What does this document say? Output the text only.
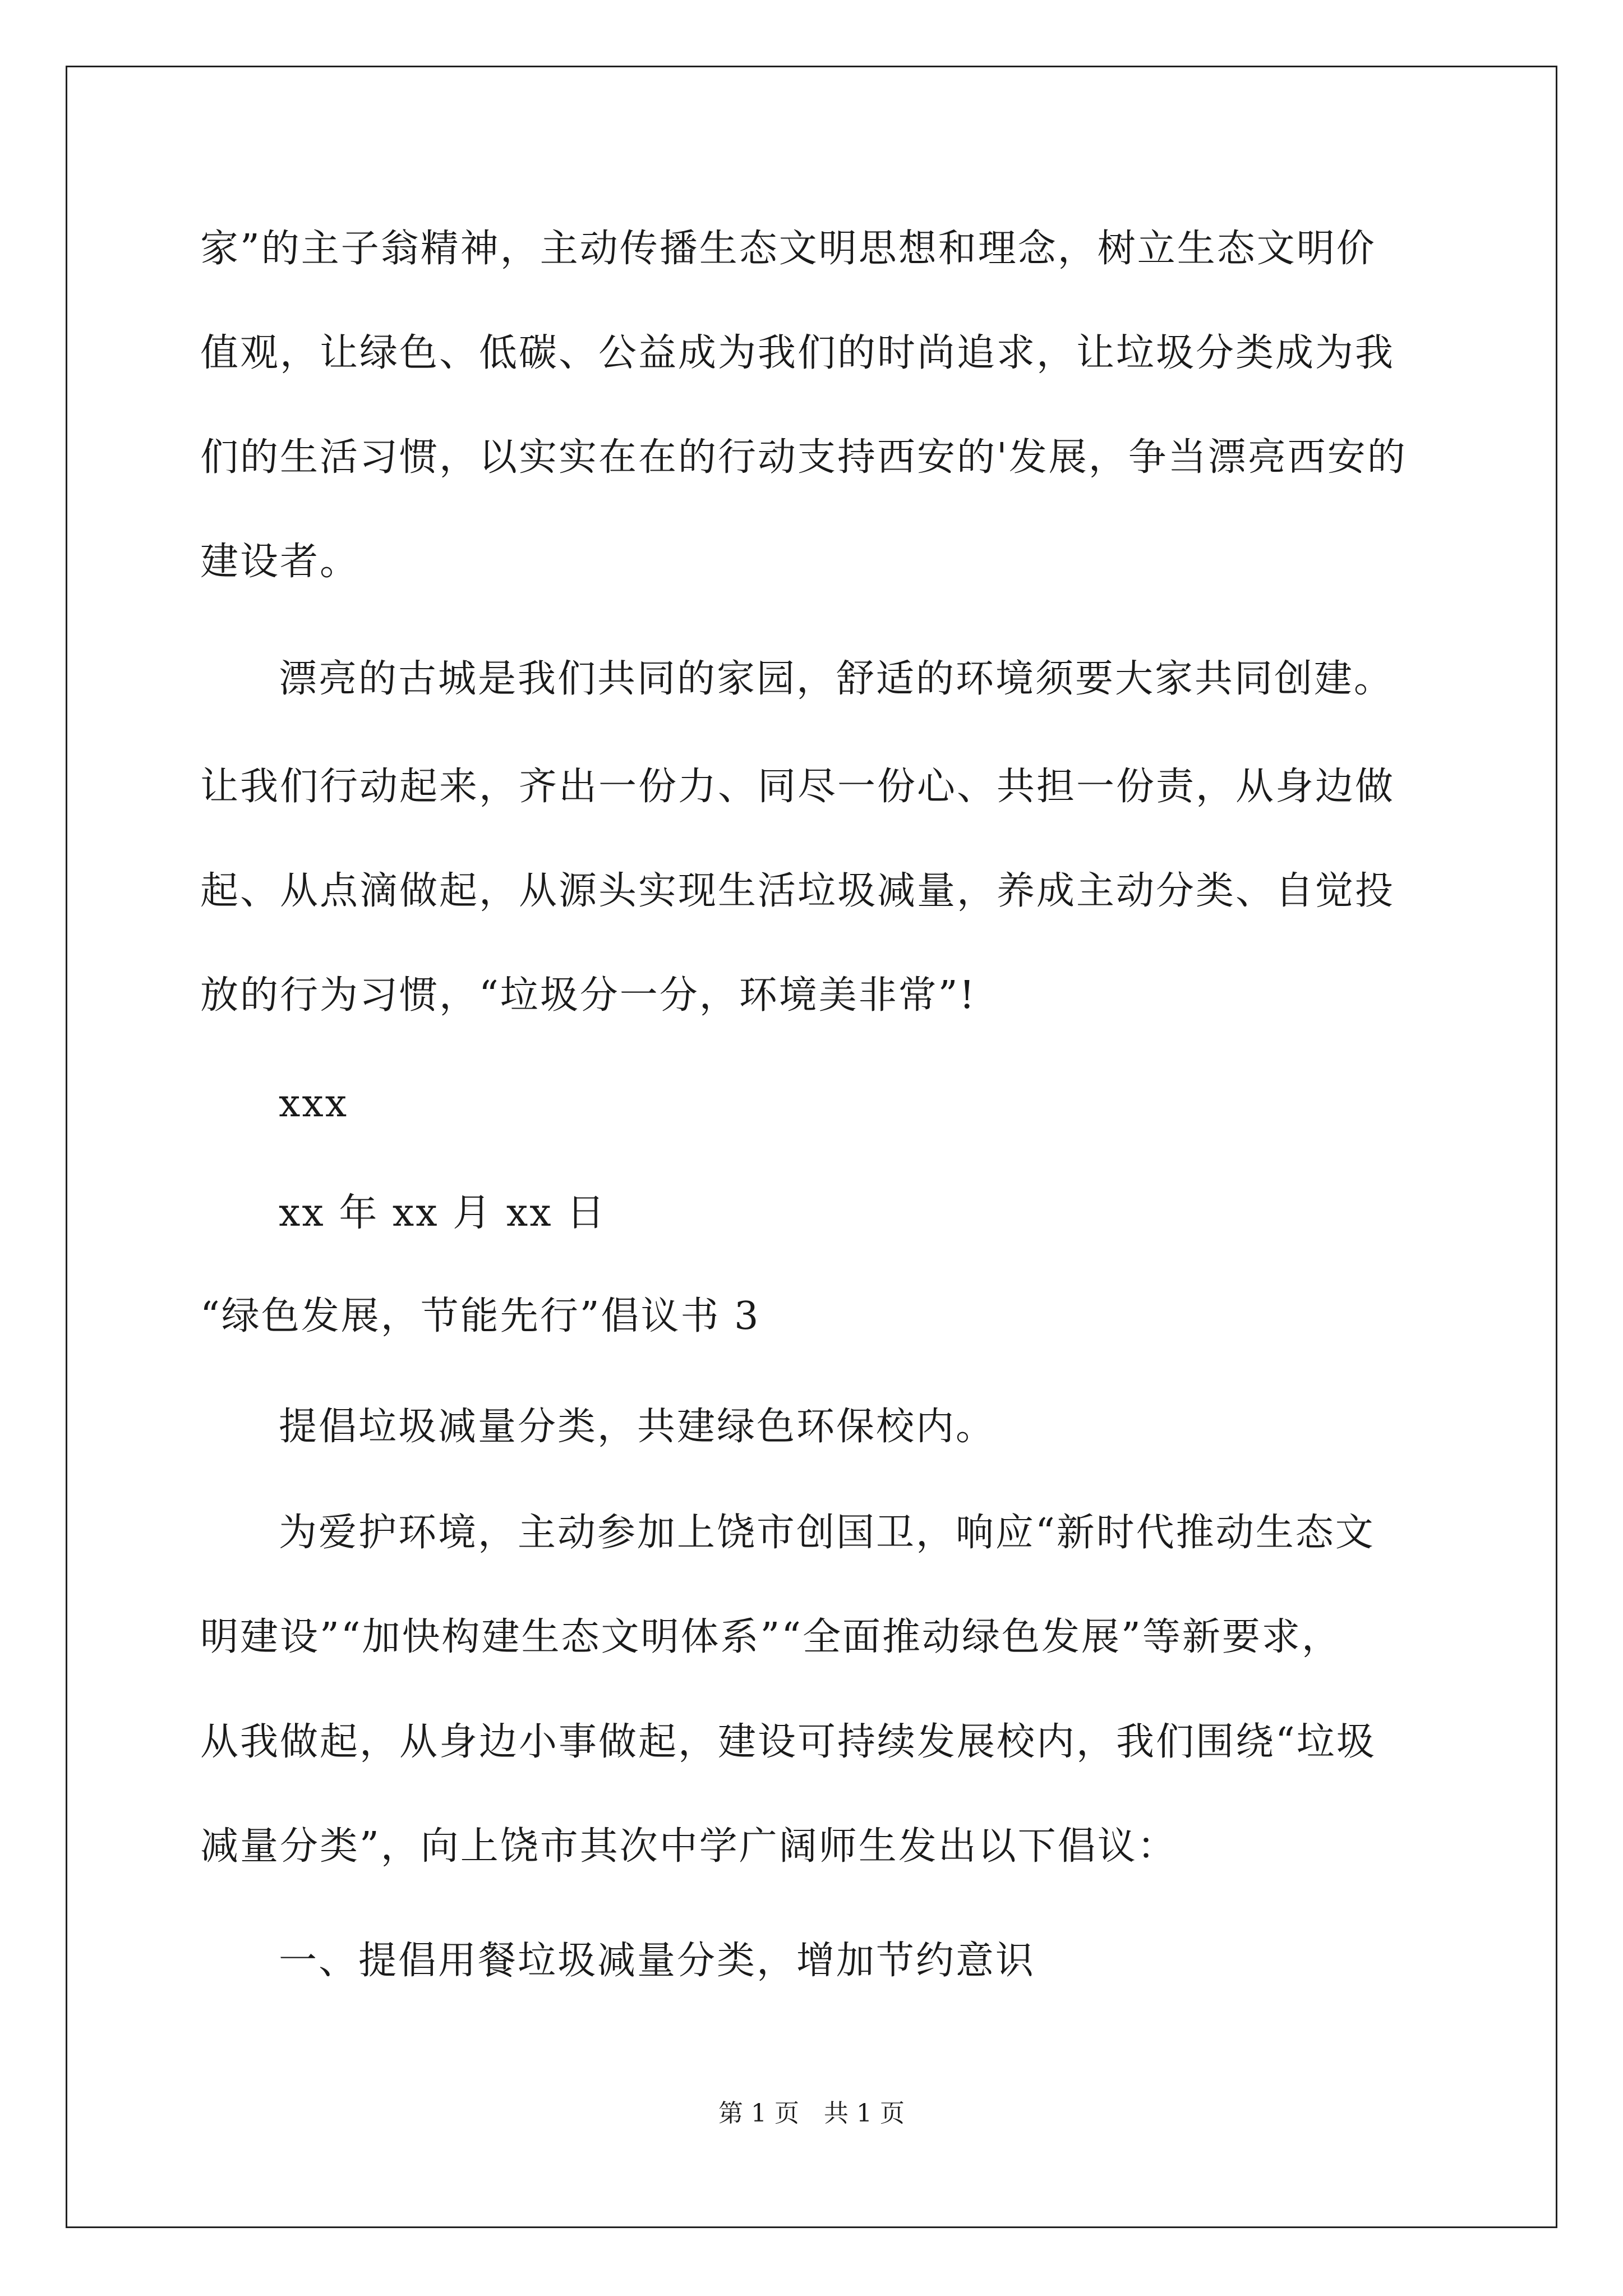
家”的主子翁精神，主动传播生态文明思想和理念，树立生态文明价
值观，让绿色、低碳、公益成为我们的时尚追求，让垃圾分类成为我
们的生活习惯，以实实在在的行动支持西安的'发展，争当漂亮西安的
建设者。
漂亮的古城是我们共同的家园，舒适的环境须要大家共同创建。
让我们行动起来，齐出一份力、同尽一份心、共担一份责，从身边做
起、从点滴做起，从源头实现生活垃圾减量，养成主动分类、自觉投
放的行为习惯，“垃圾分一分，环境美非常”!
xxx
xx 年 xx 月 xx 日
“绿色发展，节能先行”倡议书 3
提倡垃圾减量分类，共建绿色环保校内。
为爱护环境，主动参加上饶市创国卫，响应“新时代推动生态文
明建设”“加快构建生态文明体系”“全面推动绿色发展”等新要求，
从我做起，从身边小事做起，建设可持续发展校内，我们围绕“垃圾
减量分类”，向上饶市其次中学广阔师生发出以下倡议：
一、提倡用餐垃圾减量分类，增加节约意识
第 1 页　共 1 页
